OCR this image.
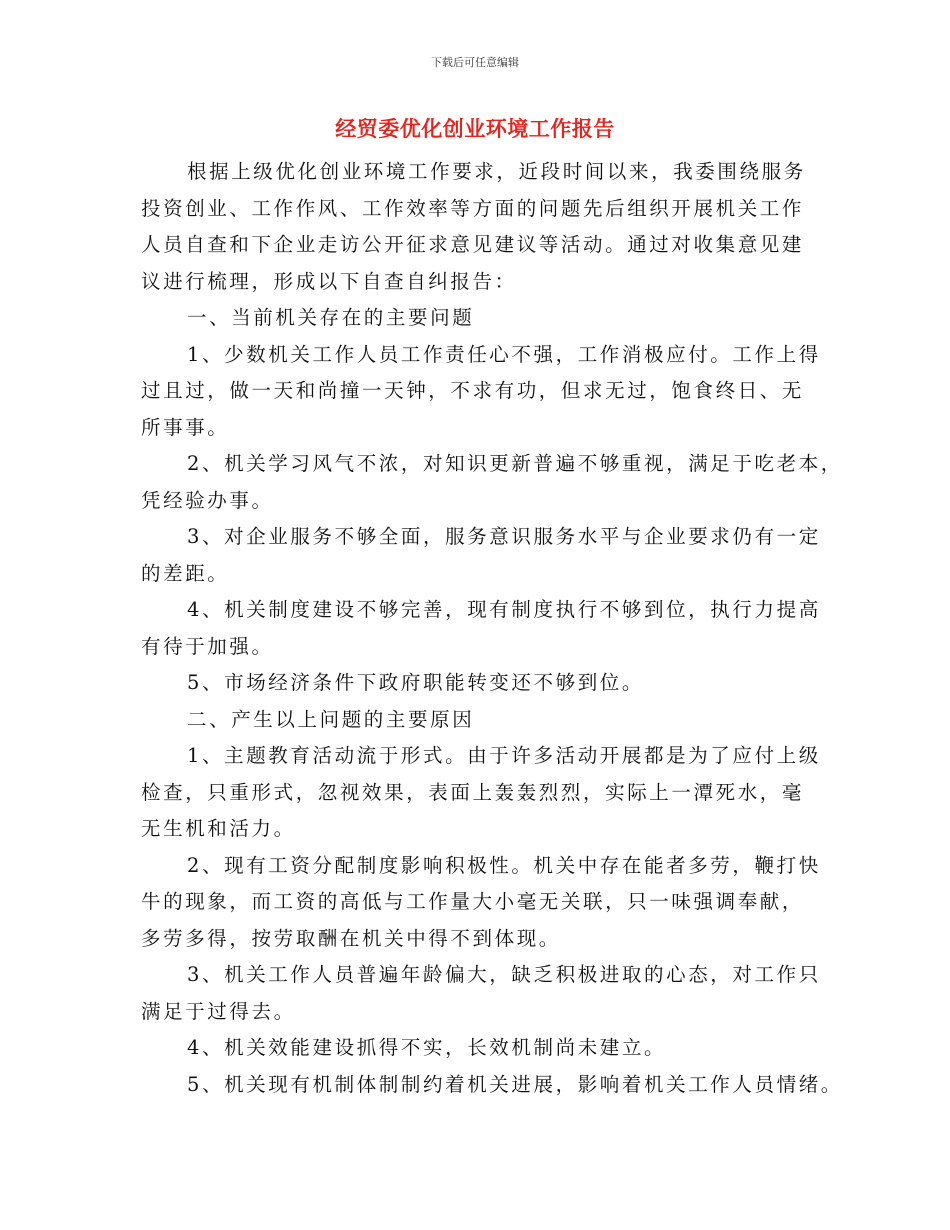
下载后可任意编辑
经贸委优化创业环境工作报告

根据上级优化创业环境工作要求，近段时间以来，我委围绕服务
投资创业、工作作风、工作效率等方面的问题先后组织开展机关工作
人员自查和下企业走访公开征求意见建议等活动。通过对收集意见建
议进行梳理，形成以下自查自纠报告：

一、当前机关存在的主要问题

1、少数机关工作人员工作责任心不强，工作消极应付。工作上得
过且过，做一天和尚撞一天钟，不求有功，但求无过，饱食终日、无
所事事。

2、机关学习风气不浓，对知识更新普遍不够重视，满足于吃老本，
凭经验办事。

3、对企业服务不够全面，服务意识服务水平与企业要求仍有一定
的差距。

4、机关制度建设不够完善，现有制度执行不够到位，执行力提高
有待于加强。

5、市场经济条件下政府职能转变还不够到位。

二、产生以上问题的主要原因

1、主题教育活动流于形式。由于许多活动开展都是为了应付上级
检查，只重形式，忽视效果，表面上轰轰烈烈，实际上一潭死水，毫
无生机和活力。

2、现有工资分配制度影响积极性。机关中存在能者多劳，鞭打快
牛的现象，而工资的高低与工作量大小毫无关联，只一味强调奉献，
多劳多得，按劳取酬在机关中得不到体现。

3、机关工作人员普遍年龄偏大，缺乏积极进取的心态，对工作只
满足于过得去。

4、机关效能建设抓得不实，长效机制尚未建立。

5、机关现有机制体制制约着机关进展，影响着机关工作人员情绪。
